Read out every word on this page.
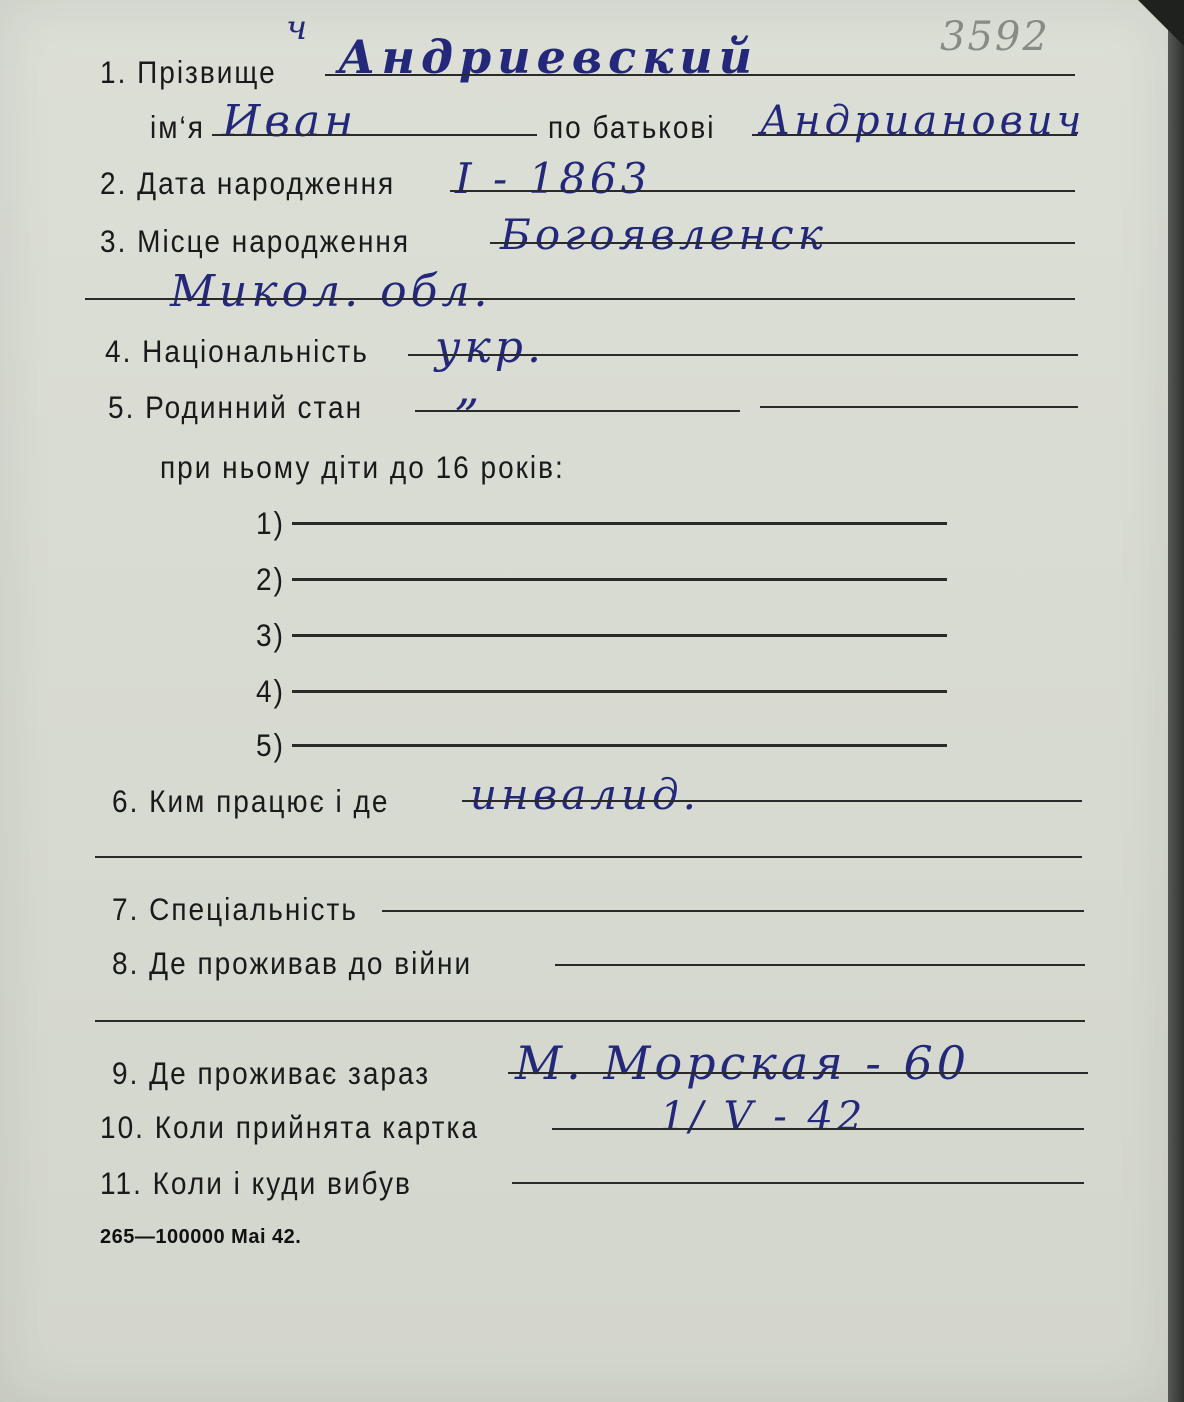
3592
1. Прізвище
ч
Андриевский
ім‘я Иван	по батькові Андрианович
2. Дата народження I - 1863
3. Місце народження Богоявленск
Микол. обл.
4. Національність укр.
5. Родинний стан „
при ньому діти до 16 років:
1)
2)
3)
4)
5)
6. Ким працює і де инвалид.
7. Спеціальність
8. Де проживав до війни
9. Де проживає зараз М. Морская - 60
10. Коли прийнята картка	1/ V - 42
11. Коли і куди вибув
265—100000 Mai 42.
